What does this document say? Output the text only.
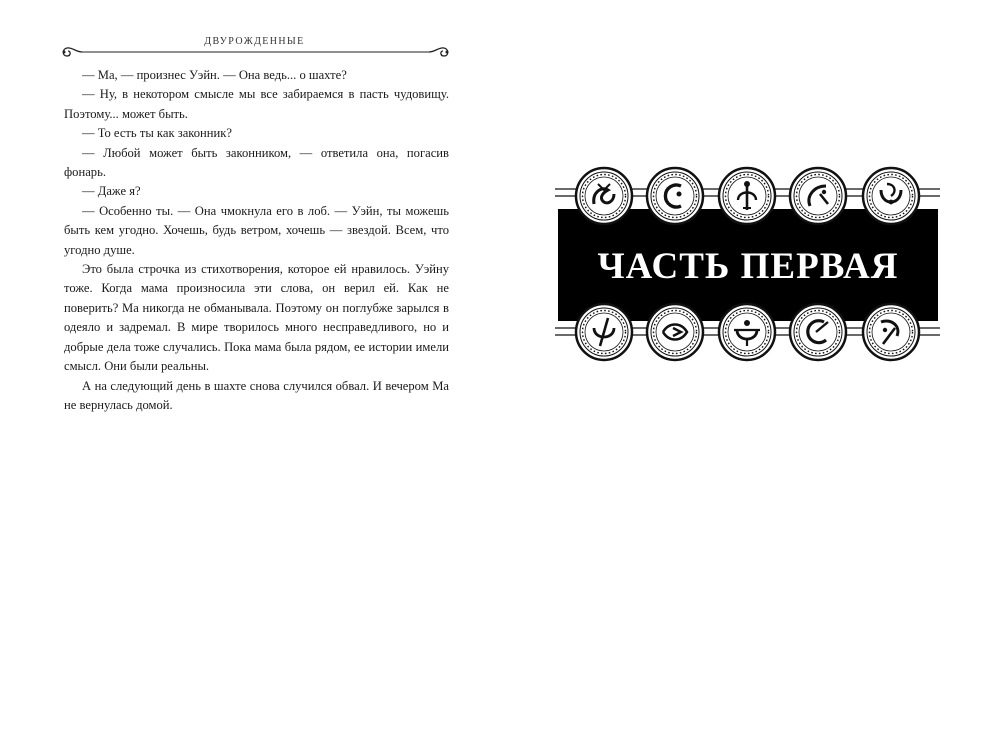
ДВУРОЖДЕННЫЕ

— Ма, — произнес Уэйн. — Она ведь... о шахте?

— Ну, в некотором смысле мы все забираемся в пасть чудовищу. Поэтому... может быть.

— То есть ты как законник?

— Любой может быть законником, — ответила она, погасив фонарь.

— Даже я?

— Особенно ты. — Она чмокнула его в лоб. — Уэйн, ты можешь быть кем угодно. Хочешь, будь ветром, хочешь — звездой. Всем, что угодно душе.

Это была строчка из стихотворения, которое ей нравилось. Уэйну тоже. Когда мама произносила эти слова, он верил ей. Как не поверить? Ма никогда не обманывала. Поэтому он поглубже зарылся в одеяло и задремал. В мире творилось много несправедливого, но и добрые дела тоже случались. Пока мама была рядом, ее истории имели смысл. Они были реальны.

А на следующий день в шахте снова случился обвал. И вечером Ма не вернулась домой.

ЧАСТЬ ПЕРВАЯ
